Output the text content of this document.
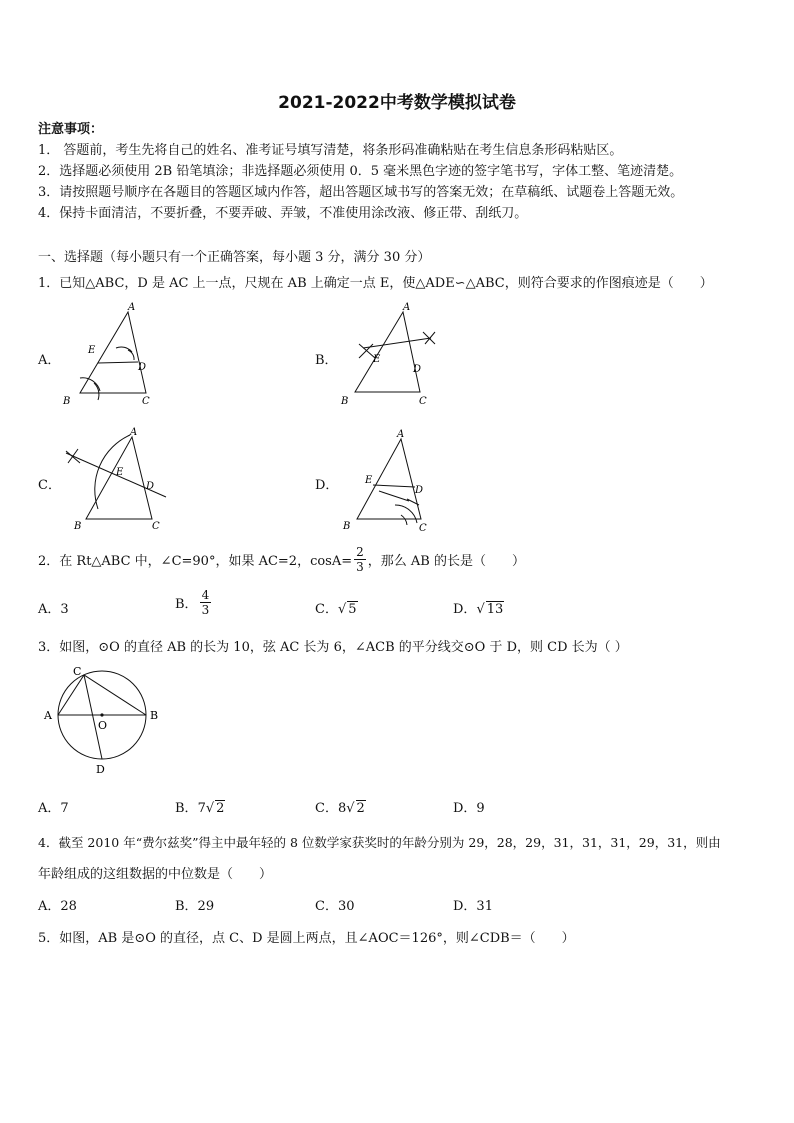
2021-2022中考数学模拟试卷
注意事项：
1． 答题前，考生先将自己的姓名、准考证号填写清楚，将条形码准确粘贴在考生信息条形码粘贴区。
2．选择题必须使用 2B 铅笔填涂；非选择题必须使用 0．5 毫米黑色字迹的签字笔书写，字体工整、笔迹清楚。
3．请按照题号顺序在各题目的答题区域内作答，超出答题区域书写的答案无效；在草稿纸、试题卷上答题无效。
4．保持卡面清洁，不要折叠，不要弄破、弄皱，不准使用涂改液、修正带、刮纸刀。
一、选择题（每小题只有一个正确答案，每小题 3 分，满分 30 分）
1．已知△ABC，D 是 AC 上一点，尺规在 AB 上确定一点 E，使△ADE∽△ABC，则符合要求的作图痕迹是（　　）
A．	B．
C．	D．
A
E
D
B	C
A
E
D
B	C
A
E
D
B	C
A
E
D
B	C
2．在 Rt△ABC 中，∠C=90°，如果 AC=2，$\cos A= \frac{2}{3}$ ，那么 AB 的长是（　　）
A．3	B． $\frac{4}{3}$	C．√ 5	D．√ 13
3．如图，⊙O 的直径 AB 的长为 10，弦 AC 长为 6，∠ACB 的平分线交⊙O 于 D，则 CD 长为（ ）
C
A	B
O
D
A．7	B．7√ 2	C．8√ 2	D．9
4．截至 2010 年“费尔兹奖”得主中最年轻的 8 位数学家获奖时的年龄分别为 29，28，29，31，31，31，29，31，则由
年龄组成的这组数据的中位数是（　　）
A．28	B．29	C．30	D．31
5．如图，AB 是⊙O 的直径，点 C、D 是圆上两点，且∠AOC＝126°，则∠CDB＝（　　）
